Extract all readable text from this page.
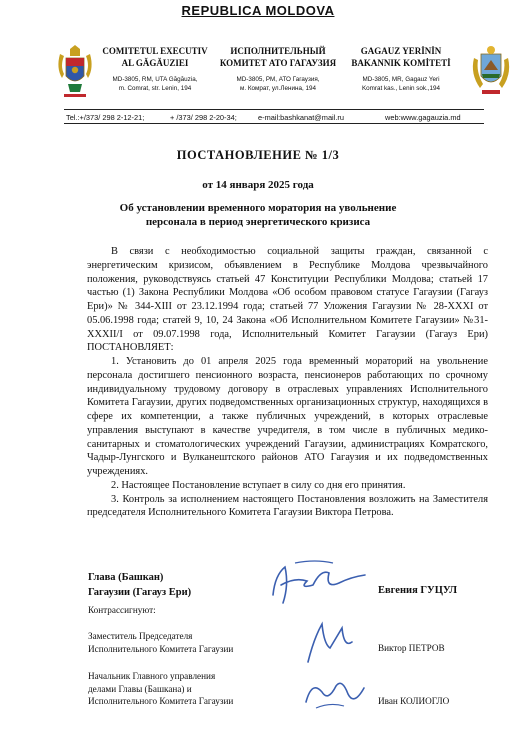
REPUBLICA MOLDOVA
COMITETUL EXECUTIV
AL GĂGĂUZIEI
MD-3805, RM, UTA Găgăuzia,
m. Comrat, str. Lenin, 194
ИСПОЛНИТЕЛЬНЫЙ
КОМИТЕТ АТО ГАГАУЗИЯ
MD-3805, РМ, АТО Гагаузия,
м. Комрат, ул.Ленина, 194
GAGAUZ YERİNİN
BAKANNIK KOMİTETİ
MD-3805, MR, Gagauz Yeri
Komrat kas., Lenin sok.,194
Tel.:+/373/ 298 2-12-21;	+ /373/ 298 2-20-34;	e-mail:bashkanat@mail.ru	web:www.gagauzia.md
ПОСТАНОВЛЕНИЕ № 1/3
от 14 января 2025 года
Об установлении временного моратория на увольнение
персонала в период энергетического кризиса

В связи с необходимостью социальной защиты граждан, связанной с энергетическим кризисом, объявлением в Республике Молдова чрезвычайного положения, руководствуясь статьей 47 Конституции Республики Молдова; статьей 17 частью (1) Закона Республики Молдова «Об особом правовом статусе Гагаузии (Гагауз Ери)» № 344-XIII от 23.12.1994 года; статьей 77 Уложения Гагаузии № 28-XXXI от 05.06.1998 года; статей 9, 10, 24 Закона «Об Исполнительном Комитете Гагаузии» №31-XXXII/I от 09.07.1998 года, Исполнительный Комитет Гагаузии (Гагауз Ери) ПОСТАНОВЛЯЕТ:

1. Установить до 01 апреля 2025 года временный мораторий на увольнение персонала достигшего пенсионного возраста, пенсионеров работающих по срочному индивидуальному трудовому договору в отраслевых управлениях Исполнительного Комитета Гагаузии, других подведомственных организационных структур, находящихся в сфере их компетенции, а также публичных учреждений, в которых отраслевые управления выступают в качестве учредителя, в том числе в публичных медико-санитарных и стоматологических учреждений Гагаузии, администрациях Комратского, Чадыр-Лунгского и Вулканештского районов АТО Гагаузия и их подведомственных учреждениях.

2. Настоящее Постановление вступает в силу со дня его принятия.

3. Контроль за исполнением настоящего Постановления возложить на Заместителя председателя Исполнительного Комитета Гагаузии Виктора Петрова.

Глава (Башкан)
Гагаузии (Гагауз Ери)	Евгения ГУЦУЛ
Контрассигнуют:
Заместитель Председателя
Исполнительного Комитета Гагаузии	Виктор ПЕТРОВ
Начальник Главного управления
делами Главы (Башкана) и
Исполнительного Комитета Гагаузии	Иван КОЛИОГЛО
